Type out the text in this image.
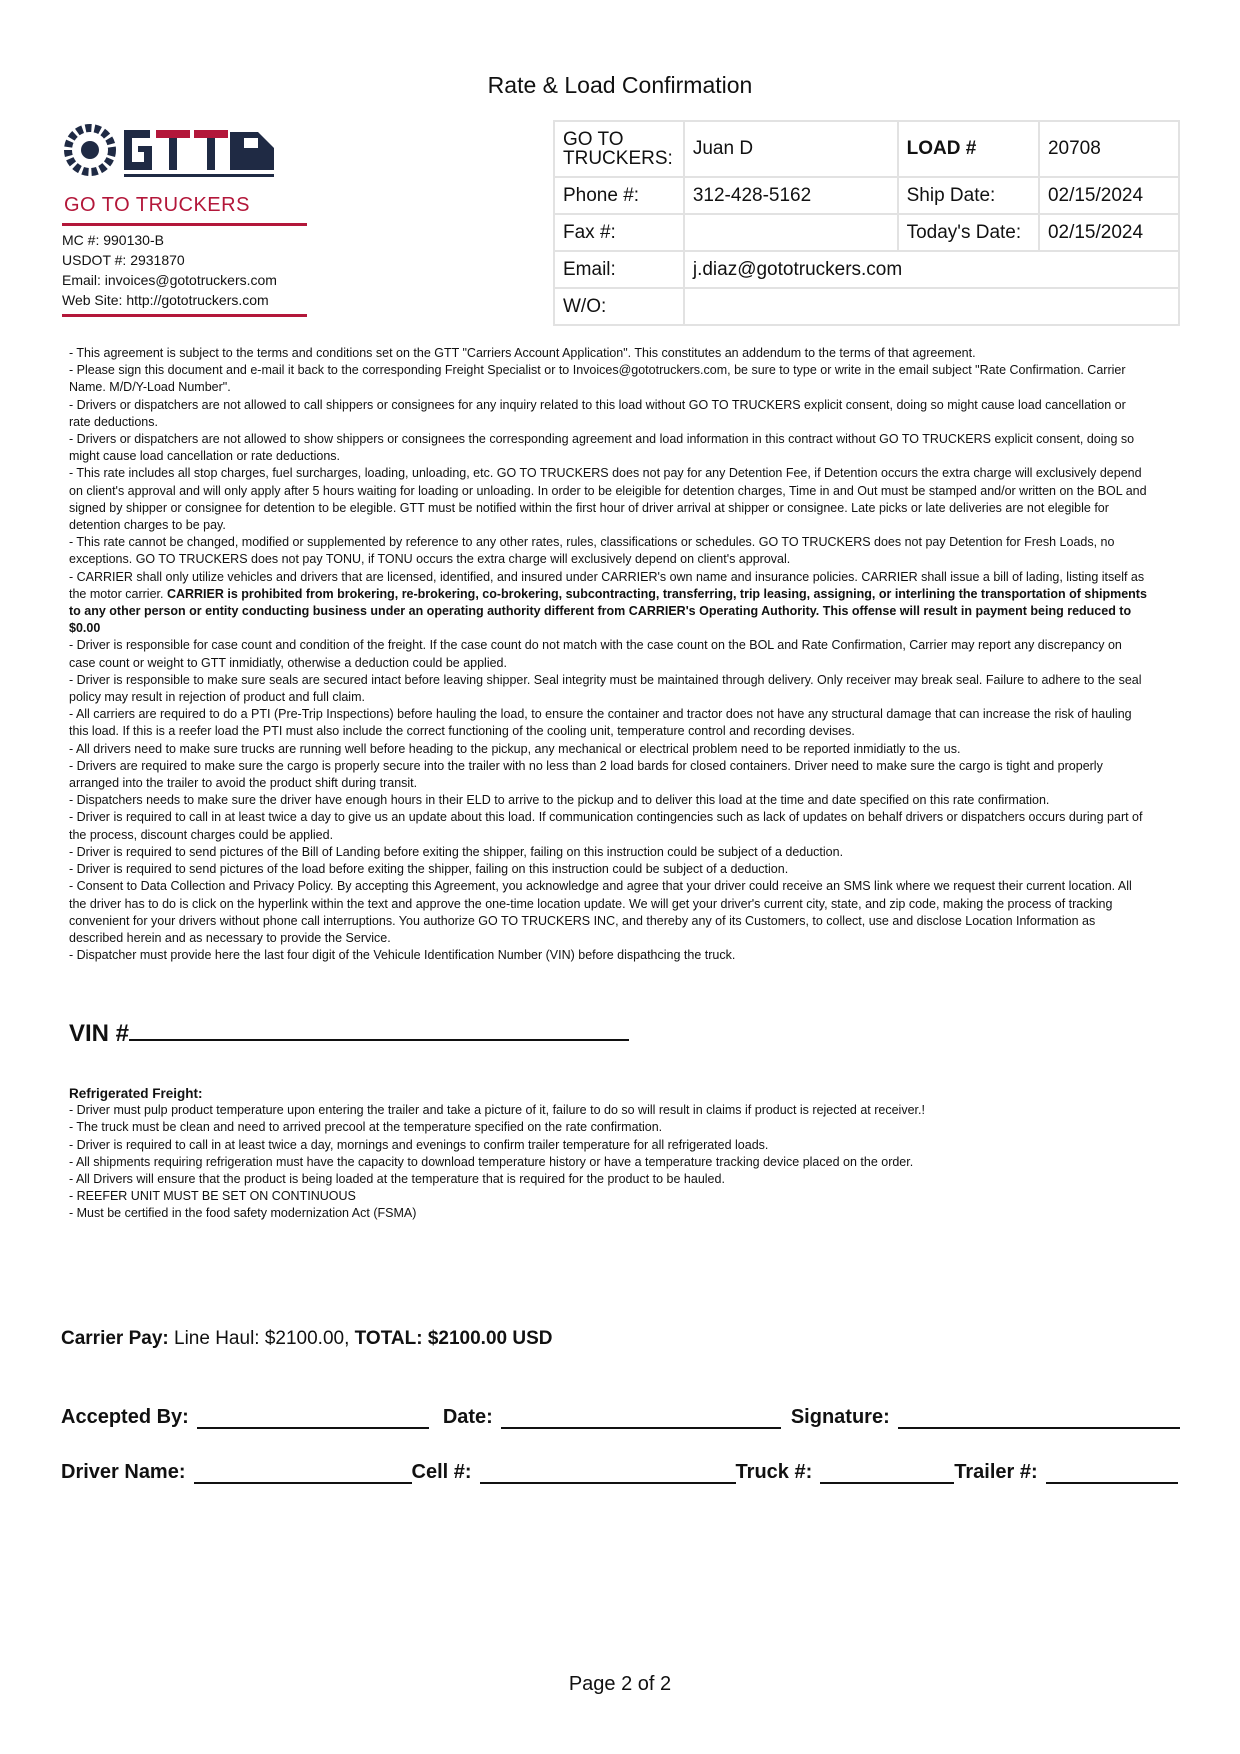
Rate & Load Confirmation
GO TO TRUCKERS
MC #: 990130-B
USDOT #: 2931870
Email: invoices@gototruckers.com
Web Site: http://gototruckers.com
GO TO
TRUCKERS:	Juan D	LOAD #	20708
Phone #:	312-428-5162	Ship Date:	02/15/2024
Fax #:		Today's Date:	02/15/2024
Email:	j.diaz@gototruckers.com		
W/O:			

- This agreement is subject to the terms and conditions set on the GTT "Carriers Account Application". This constitutes an addendum to the terms of that agreement.

- Please sign this document and e-mail it back to the corresponding Freight Specialist or to Invoices@gototruckers.com, be sure to type or write in the email subject "Rate Confirmation. Carrier Name. M/D/Y-Load Number".

- Drivers or dispatchers are not allowed to call shippers or consignees for any inquiry related to this load without GO TO TRUCKERS explicit consent, doing so might cause load cancellation or rate deductions.

- Drivers or dispatchers are not allowed to show shippers or consignees the corresponding agreement and load information in this contract without GO TO TRUCKERS explicit consent, doing so might cause load cancellation or rate deductions.

- This rate includes all stop charges, fuel surcharges, loading, unloading, etc. GO TO TRUCKERS does not pay for any Detention Fee, if Detention occurs the extra charge will exclusively depend on client's approval and will only apply after 5 hours waiting for loading or unloading. In order to be eleigible for detention charges, Time in and Out must be stamped and/or written on the BOL and signed by shipper or consignee for detention to be elegible. GTT must be notified within the first hour of driver arrival at shipper or consignee. Late picks or late deliveries are not elegible for detention charges to be pay.

- This rate cannot be changed, modified or supplemented by reference to any other rates, rules, classifications or schedules. GO TO TRUCKERS does not pay Detention for Fresh Loads, no exceptions. GO TO TRUCKERS does not pay TONU, if TONU occurs the extra charge will exclusively depend on client's approval.

- CARRIER shall only utilize vehicles and drivers that are licensed, identified, and insured under CARRIER's own name and insurance policies. CARRIER shall issue a bill of lading, listing itself as the motor carrier. CARRIER is prohibited from brokering, re-brokering, co-brokering, subcontracting, transferring, trip leasing, assigning, or interlining the transportation of shipments to any other person or entity conducting business under an operating authority different from CARRIER's Operating Authority. This offense will result in payment being reduced to $0.00

- Driver is responsible for case count and condition of the freight. If the case count do not match with the case count on the BOL and Rate Confirmation, Carrier may report any discrepancy on case count or weight to GTT inmidiatly, otherwise a deduction could be applied.

- Driver is responsible to make sure seals are secured intact before leaving shipper. Seal integrity must be maintained through delivery. Only receiver may break seal. Failure to adhere to the seal policy may result in rejection of product and full claim.

- All carriers are required to do a PTI (Pre-Trip Inspections) before hauling the load, to ensure the container and tractor does not have any structural damage that can increase the risk of hauling this load. If this is a reefer load the PTI must also include the correct functioning of the cooling unit, temperature control and recording devises.

- All drivers need to make sure trucks are running well before heading to the pickup, any mechanical or electrical problem need to be reported inmidiatly to the us.

- Drivers are required to make sure the cargo is properly secure into the trailer with no less than 2 load bards for closed containers. Driver need to make sure the cargo is tight and properly arranged into the trailer to avoid the product shift during transit.

- Dispatchers needs to make sure the driver have enough hours in their ELD to arrive to the pickup and to deliver this load at the time and date specified on this rate confirmation.

- Driver is required to call in at least twice a day to give us an update about this load. If communication contingencies such as lack of updates on behalf drivers or dispatchers occurs during part of the process, discount charges could be applied.

- Driver is required to send pictures of the Bill of Landing before exiting the shipper, failing on this instruction could be subject of a deduction.

- Driver is required to send pictures of the load before exiting the shipper, failing on this instruction could be subject of a deduction.

- Consent to Data Collection and Privacy Policy. By accepting this Agreement, you acknowledge and agree that your driver could receive an SMS link where we request their current location. All the driver has to do is click on the hyperlink within the text and approve the one-time location update. We will get your driver's current city, state, and zip code, making the process of tracking convenient for your drivers without phone call interruptions. You authorize GO TO TRUCKERS INC, and thereby any of its Customers, to collect, use and disclose Location Information as described herein and as necessary to provide the Service.

- Dispatcher must provide here the last four digit of the Vehicule Identification Number (VIN) before dispathcing the truck.

VIN #

Refrigerated Freight:

- Driver must pulp product temperature upon entering the trailer and take a picture of it, failure to do so will result in claims if product is rejected at receiver.!

- The truck must be clean and need to arrived precool at the temperature specified on the rate confirmation.

- Driver is required to call in at least twice a day, mornings and evenings to confirm trailer temperature for all refrigerated loads.

- All shipments requiring refrigeration must have the capacity to download temperature history or have a temperature tracking device placed on the order.

- All Drivers will ensure that the product is being loaded at the temperature that is required for the product to be hauled.

- REEFER UNIT MUST BE SET ON CONTINUOUS

- Must be certified in the food safety modernization Act (FSMA)

Carrier Pay: Line Haul: $2100.00, TOTAL: $2100.00 USD
Accepted By:	Date:	Signature:
Driver Name:	Cell #:	Truck #:	Trailer #:
Page 2 of 2
